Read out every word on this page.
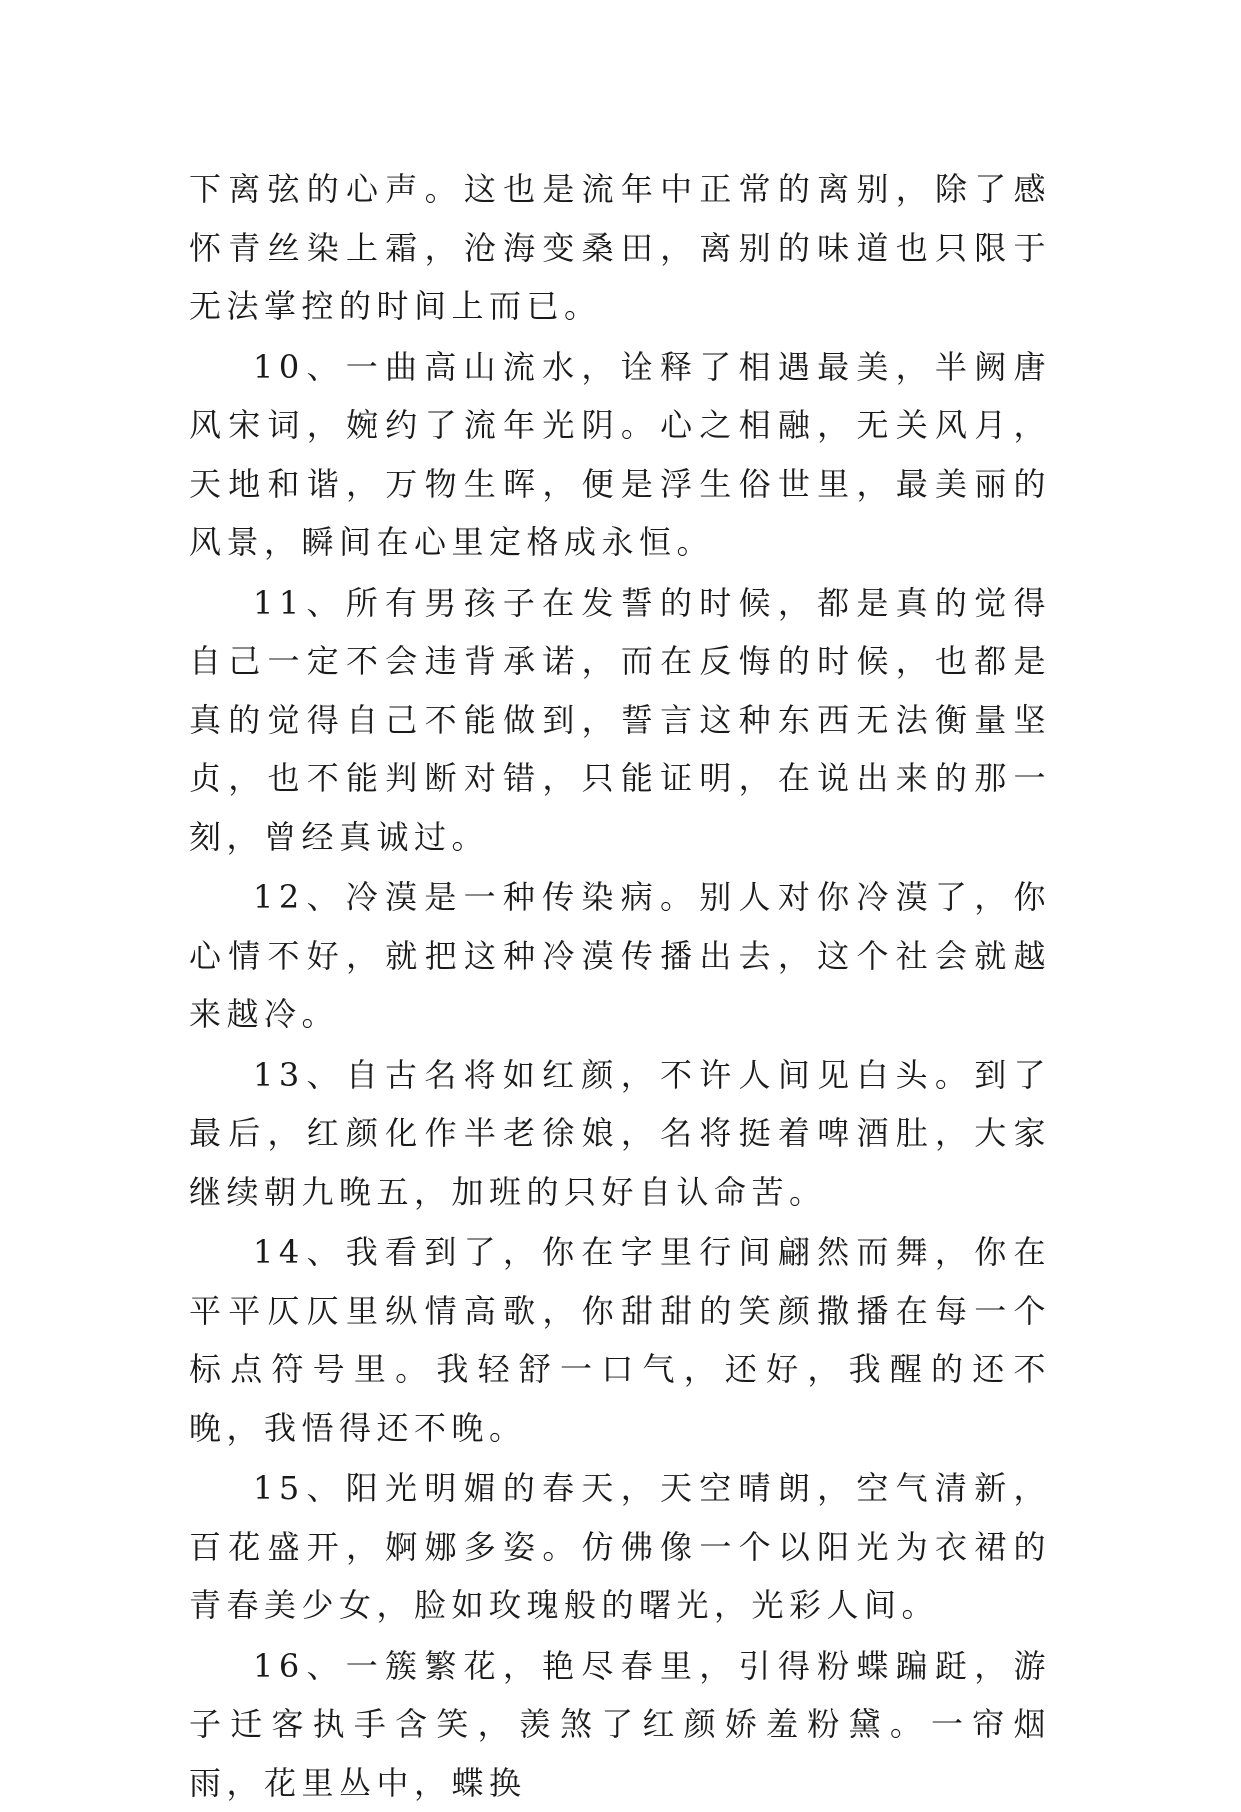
下离弦的心声。这也是流年中正常的离别，除了感怀青丝染上霜，沧海变桑田，离别的味道也只限于无法掌控的时间上而已。

10、一曲高山流水，诠释了相遇最美，半阙唐风宋词，婉约了流年光阴。心之相融，无关风月，天地和谐，万物生晖，便是浮生俗世里，最美丽的风景，瞬间在心里定格成永恒。

11、所有男孩子在发誓的时候，都是真的觉得自己一定不会违背承诺，而在反悔的时候，也都是真的觉得自己不能做到，誓言这种东西无法衡量坚贞，也不能判断对错，只能证明，在说出来的那一刻，曾经真诚过。

12、冷漠是一种传染病。别人对你冷漠了，你心情不好，就把这种冷漠传播出去，这个社会就越来越冷。

13、自古名将如红颜，不许人间见白头。到了最后，红颜化作半老徐娘，名将挺着啤酒肚，大家继续朝九晚五，加班的只好自认命苦。

14、我看到了，你在字里行间翩然而舞，你在平平仄仄里纵情高歌，你甜甜的笑颜撒播在每一个标点符号里。我轻舒一口气，还好，我醒的还不晚，我悟得还不晚。

15、阳光明媚的春天，天空晴朗，空气清新，百花盛开，婀娜多姿。仿佛像一个以阳光为衣裙的青春美少女，脸如玫瑰般的曙光，光彩人间。

16、一簇繁花，艳尽春里，引得粉蝶蹁跹，游子迁客执手含笑，羡煞了红颜娇羞粉黛。一帘烟雨，花里丛中，蝶换
